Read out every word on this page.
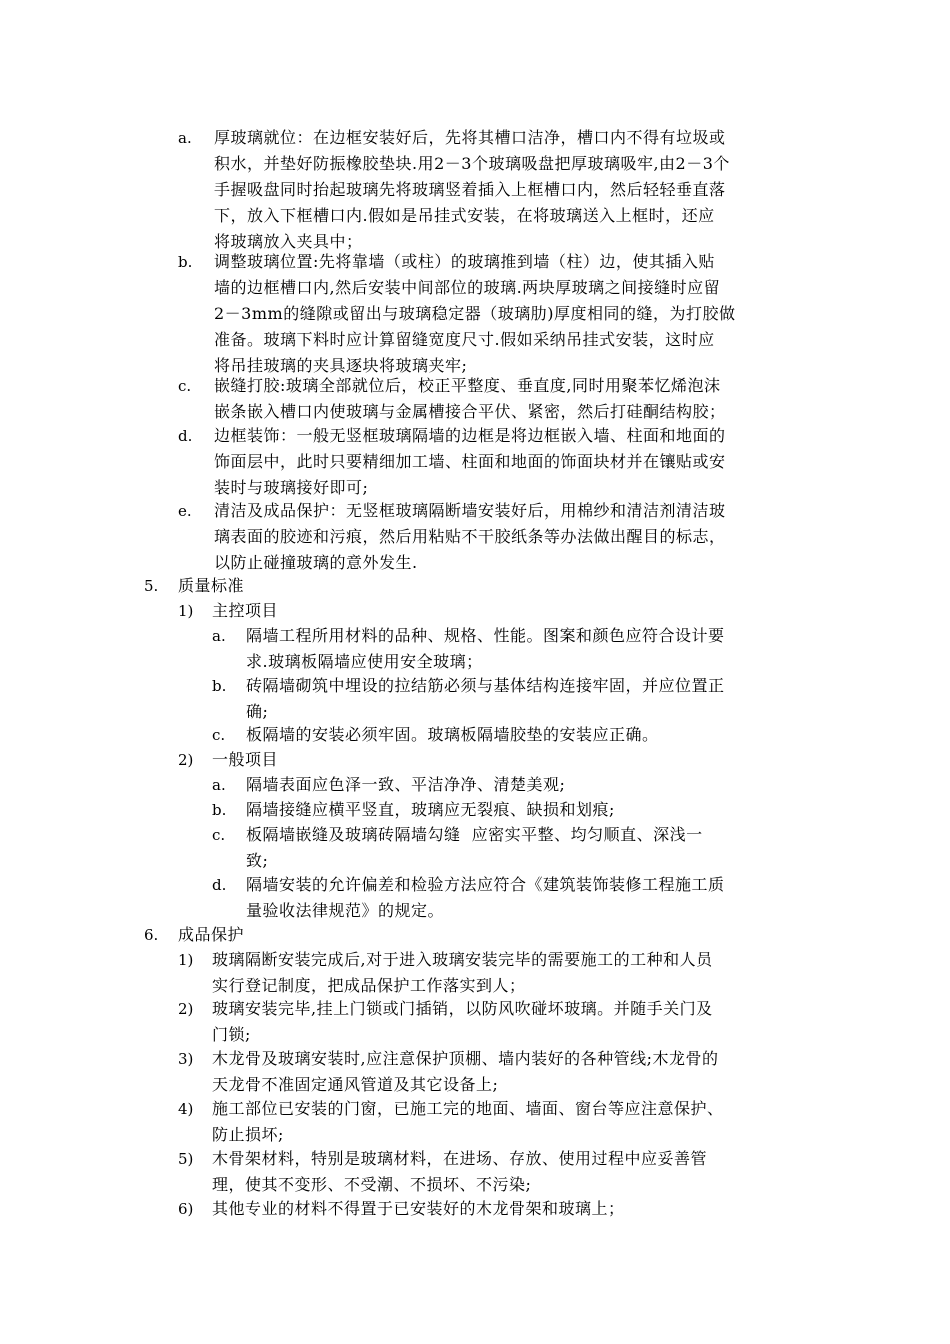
a.	厚玻璃就位：在边框安装好后，先将其槽口洁净，槽口内不得有垃圾或
积水，并垫好防振橡胶垫块.用2－3个玻璃吸盘把厚玻璃吸牢,由2－3个
手握吸盘同时抬起玻璃先将玻璃竖着插入上框槽口内，然后轻轻垂直落
下，放入下框槽口内.假如是吊挂式安装，在将玻璃送入上框时，还应
将玻璃放入夹具中；
b.	调整玻璃位置:先将靠墙（或柱）的玻璃推到墙（柱）边，使其插入贴
墙的边框槽口内,然后安装中间部位的玻璃.两块厚玻璃之间接缝时应留
2－3mm的缝隙或留出与玻璃稳定器（玻璃肋)厚度相同的缝，为打胶做
准备。玻璃下料时应计算留缝宽度尺寸.假如采纳吊挂式安装，这时应
将吊挂玻璃的夹具逐块将玻璃夹牢;
c.	嵌缝打胶:玻璃全部就位后，校正平整度、垂直度,同时用聚苯忆烯泡沫
嵌条嵌入槽口内使玻璃与金属槽接合平伏、紧密，然后打硅酮结构胶；
d.	边框装饰：一般无竖框玻璃隔墙的边框是将边框嵌入墙、柱面和地面的
饰面层中，此时只要精细加工墙、柱面和地面的饰面块材并在镶贴或安
装时与玻璃接好即可;
e.	清洁及成品保护：无竖框玻璃隔断墙安装好后，用棉纱和清洁剂清洁玻
璃表面的胶迹和污痕，然后用粘贴不干胶纸条等办法做出醒目的标志，
以防止碰撞玻璃的意外发生.
5.	质量标准
1)	主控项目
a.	隔墙工程所用材料的品种、规格、性能。图案和颜色应符合设计要
求.玻璃板隔墙应使用安全玻璃；
b.	砖隔墙砌筑中埋设的拉结筋必须与基体结构连接牢固，并应位置正
确;
c.	板隔墙的安装必须牢固。玻璃板隔墙胶垫的安装应正确。
2)	一般项目
a.	隔墙表面应色泽一致、平洁净净、清楚美观;
b.	隔墙接缝应横平竖直，玻璃应无裂痕、缺损和划痕;
c.	板隔墙嵌缝及玻璃砖隔墙勾缝  应密实平整、均匀顺直、深浅一
致;
d.	隔墙安装的允许偏差和检验方法应符合《建筑装饰装修工程施工质
量验收法律规范》的规定。
6.	成品保护
1)	玻璃隔断安装完成后,对于进入玻璃安装完毕的需要施工的工种和人员
实行登记制度，把成品保护工作落实到人；
2)	玻璃安装完毕,挂上门锁或门插销，以防风吹碰坏玻璃。并随手关门及
门锁;
3)	木龙骨及玻璃安装时,应注意保护顶棚、墙内装好的各种管线;木龙骨的
天龙骨不准固定通风管道及其它设备上;
4)	施工部位已安装的门窗，已施工完的地面、墙面、窗台等应注意保护、
防止损坏;
5)	木骨架材料，特别是玻璃材料，在进场、存放、使用过程中应妥善管
理，使其不变形、不受潮、不损坏、不污染;
6)	其他专业的材料不得置于已安装好的木龙骨架和玻璃上；
